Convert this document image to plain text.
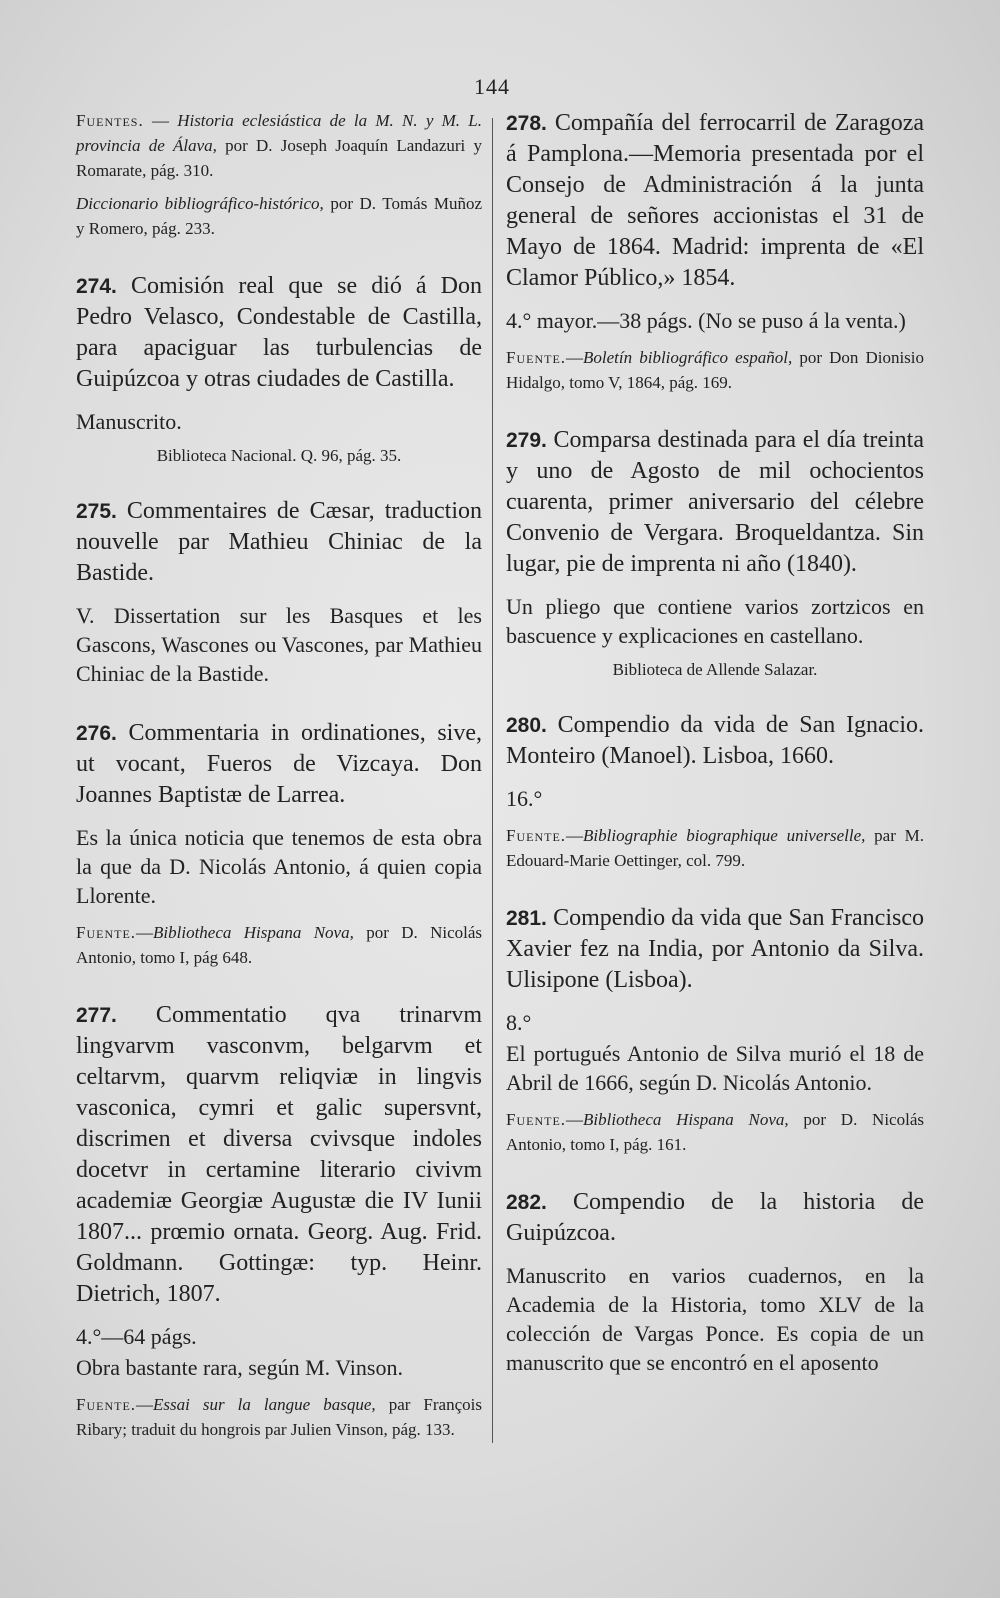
144

Fuentes. — Historia eclesiástica de la M. N. y M. L. provincia de Álava, por D. Joseph Joaquín Landazuri y Romarate, pág. 310.

Diccionario bibliográfico-histórico, por D. Tomás Muñoz y Romero, pág. 233.

274. Comisión real que se dió á Don Pedro Velasco, Condestable de Castilla, para apaciguar las turbulencias de Guipúzcoa y otras ciudades de Castilla.

Manuscrito.

Biblioteca Nacional. Q. 96, pág. 35.

275. Commentaires de Cæsar, traduction nouvelle par Mathieu Chiniac de la Bastide.

V. Dissertation sur les Basques et les Gascons, Wascones ou Vascones, par Mathieu Chiniac de la Bastide.

276. Commentaria in ordinationes, sive, ut vocant, Fueros de Vizcaya. Don Joannes Baptistæ de Larrea.

Es la única noticia que tenemos de esta obra la que da D. Nicolás Antonio, á quien copia Llorente.

Fuente.—Bibliotheca Hispana Nova, por D. Nicolás Antonio, tomo I, pág 648.

277. Commentatio qva trinarvm lingvarvm vasconvm, belgarvm et celtarvm, quarvm reliqviæ in lingvis vasconica, cymri et galic supersvnt, discrimen et diversa cvivsque indoles docetvr in certamine literario civivm academiæ Georgiæ Augustæ die IV Iunii 1807... prœmio ornata. Georg. Aug. Frid. Goldmann. Gottingæ: typ. Heinr. Dietrich, 1807.

4.°—64 págs.

Obra bastante rara, según M. Vinson.

Fuente.—Essai sur la langue basque, par François Ribary; traduit du hongrois par Julien Vinson, pág. 133.

278. Compañía del ferrocarril de Zaragoza á Pamplona.—Memoria presentada por el Consejo de Administración á la junta general de señores accionistas el 31 de Mayo de 1864. Madrid: imprenta de «El Clamor Público,» 1854.

4.° mayor.—38 págs. (No se puso á la venta.)

Fuente.—Boletín bibliográfico español, por Don Dionisio Hidalgo, tomo V, 1864, pág. 169.

279. Comparsa destinada para el día treinta y uno de Agosto de mil ochocientos cuarenta, primer aniversario del célebre Convenio de Vergara. Broqueldantza. Sin lugar, pie de imprenta ni año (1840).

Un pliego que contiene varios zortzicos en bascuence y explicaciones en castellano.

Biblioteca de Allende Salazar.

280. Compendio da vida de San Ignacio. Monteiro (Manoel). Lisboa, 1660.

16.°

Fuente.—Bibliographie biographique universelle, par M. Edouard-Marie Oettinger, col. 799.

281. Compendio da vida que San Francisco Xavier fez na India, por Antonio da Silva. Ulisipone (Lisboa).

8.°

El portugués Antonio de Silva murió el 18 de Abril de 1666, según D. Nicolás Antonio.

Fuente.—Bibliotheca Hispana Nova, por D. Nicolás Antonio, tomo I, pág. 161.

282. Compendio de la historia de Guipúzcoa.

Manuscrito en varios cuadernos, en la Academia de la Historia, tomo XLV de la colección de Vargas Ponce. Es copia de un manuscrito que se encontró en el aposento
